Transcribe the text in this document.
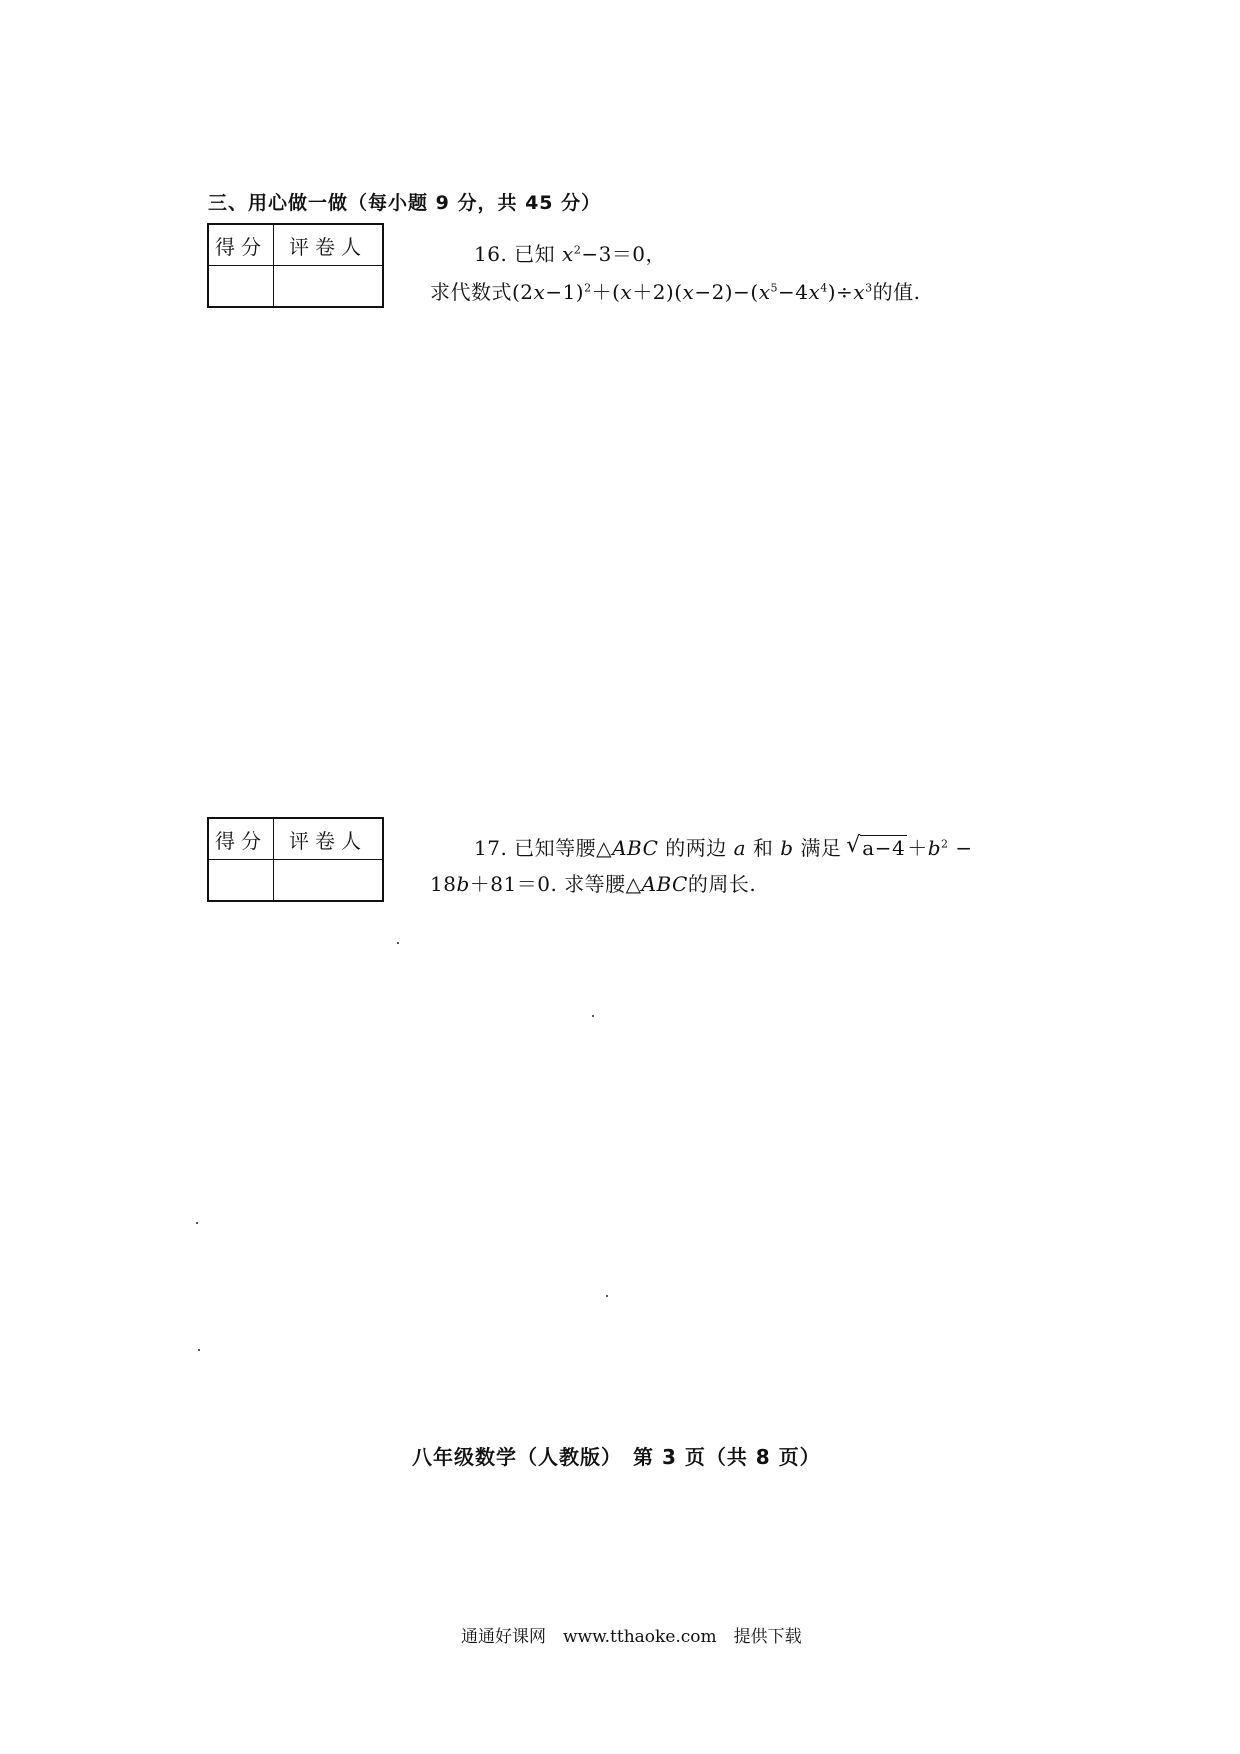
三、用心做一做（每小题 9 分，共 45 分）
得分	评卷人
		16. 已知 $x^2-3=0$，
求代数式$(2x-1)^2+(x+2)(x-2)-(x^5-4x^4)\div x^3$的值.
得分	评卷人
		17. 已知等腰△ABC 的两边 a 和 b 满足 √ $a-4 +b^2$ −
18b＋81＝0. 求等腰△ABC的周长.
八年级数学（人教版）　第 3 页（共 8 页）
通通好课网　www.tthaoke.com　提供下载
